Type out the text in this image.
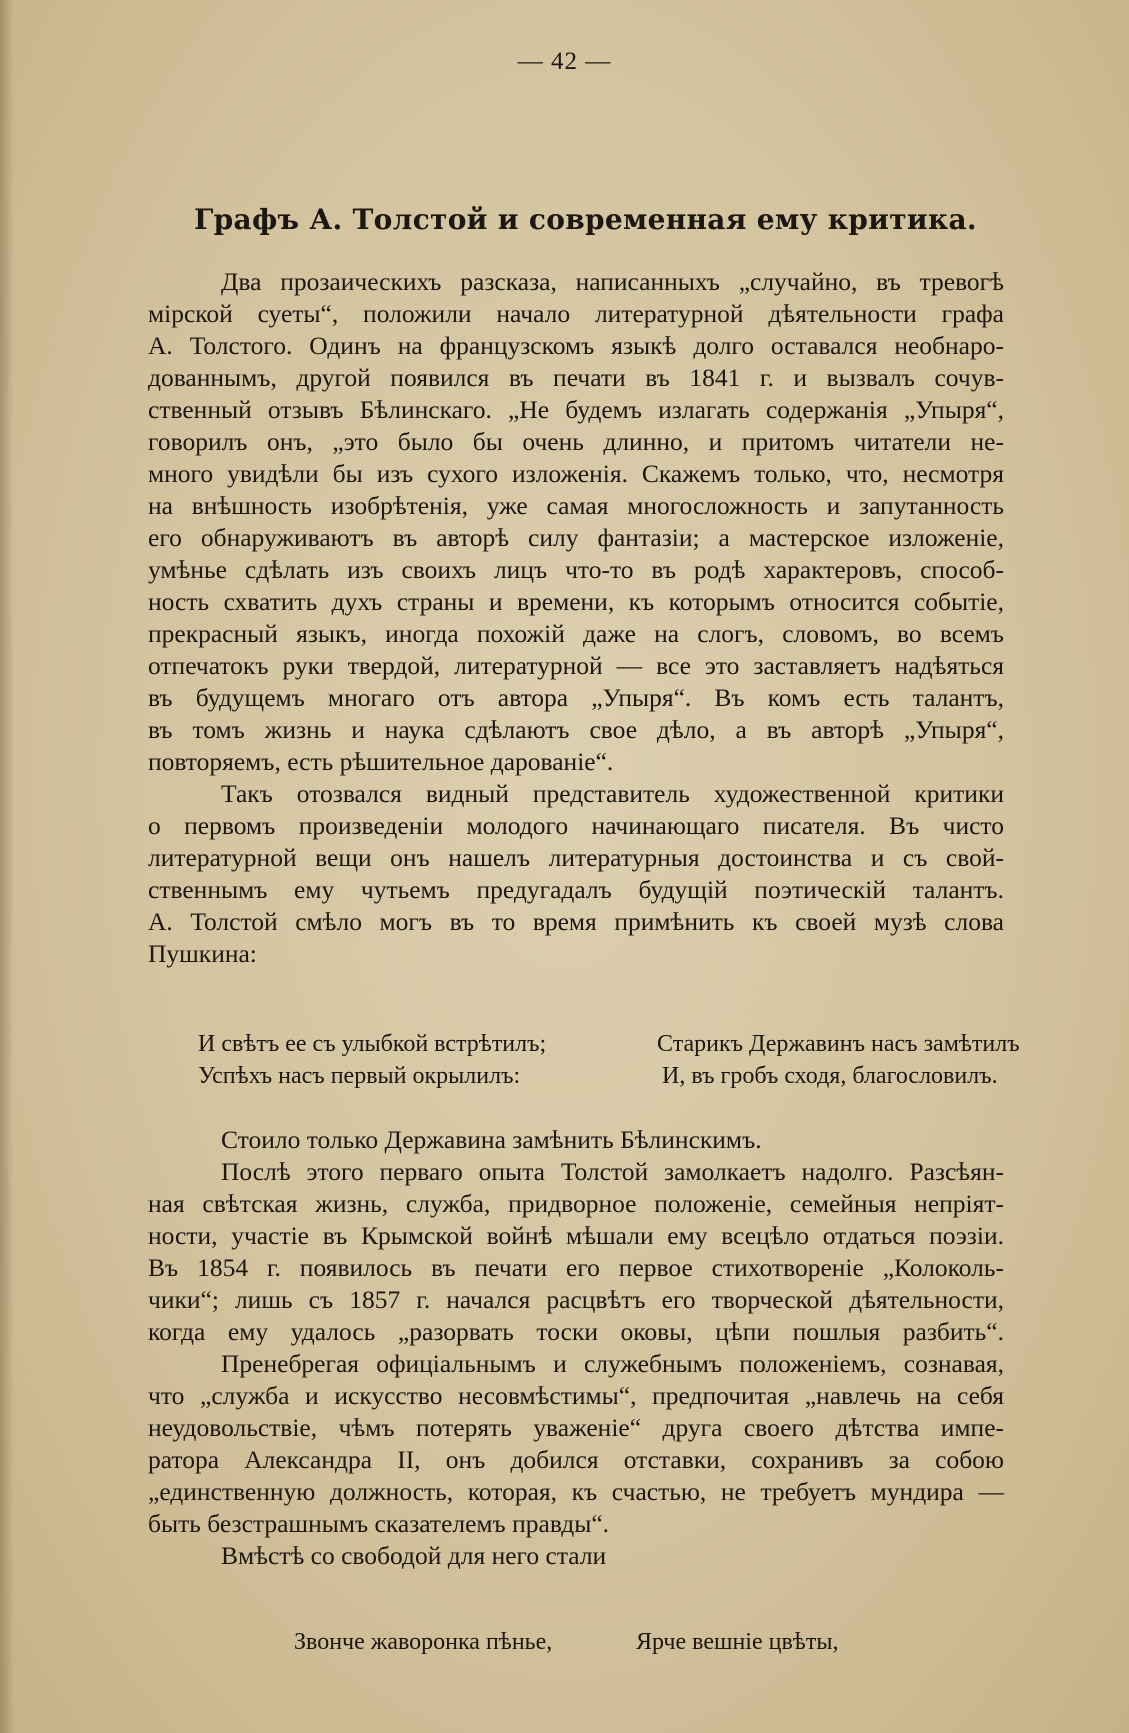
— 42 —
Графъ А. Толстой и современная ему критика.
Два прозаическихъ разсказа, написанныхъ „случайно, въ тревогѣ
мірской суеты“, положили начало литературной дѣятельности графа
А. Толстого. Одинъ на французскомъ языкѣ долго оставался необнаро-
дованнымъ, другой появился въ печати въ 1841 г. и вызвалъ сочув-
ственный отзывъ Бѣлинскаго. „Не будемъ излагать содержанія „Упыря“,
говорилъ онъ, „это было бы очень длинно, и притомъ читатели не-
много увидѣли бы изъ сухого изложенія. Скажемъ только, что, несмотря
на внѣшность изобрѣтенія, уже самая многосложность и запутанность
его обнаруживаютъ въ авторѣ силу фантазіи; а мастерское изложеніе,
умѣнье сдѣлать изъ своихъ лицъ что-то въ родѣ характеровъ, способ-
ность схватить духъ страны и времени, къ которымъ относится событіе,
прекрасный языкъ, иногда похожій даже на слогъ, словомъ, во всемъ
отпечатокъ руки твердой, литературной — все это заставляетъ надѣяться
въ будущемъ многаго отъ автора „Упыря“. Въ комъ есть талантъ,
въ томъ жизнь и наука сдѣлаютъ свое дѣло, а въ авторѣ „Упыря“,
повторяемъ, есть рѣшительное дарованіе“.
Такъ отозвался видный представитель художественной критики
о первомъ произведеніи молодого начинающаго писателя. Въ чисто
литературной вещи онъ нашелъ литературныя достоинства и съ свой-
ственнымъ ему чутьемъ предугадалъ будущій поэтическій талантъ.
А. Толстой смѣло могъ въ то время примѣнить къ своей музѣ слова
Пушкина:
Стоило только Державина замѣнить Бѣлинскимъ.
Послѣ этого перваго опыта Толстой замолкаетъ надолго. Разсѣян-
ная свѣтская жизнь, служба, придворное положеніе, семейныя непріят-
ности, участіе въ Крымской войнѣ мѣшали ему всецѣло отдаться поэзіи.
Въ 1854 г. появилось въ печати его первое стихотвореніе „Колоколь-
чики“; лишь съ 1857 г. начался расцвѣтъ его творческой дѣятельности,
когда ему удалось „разорвать тоски оковы, цѣпи пошлыя разбить“.
Пренебрегая офиціальнымъ и служебнымъ положеніемъ, сознавая,
что „служба и искусство несовмѣстимы“, предпочитая „навлечь на себя
неудовольствіе, чѣмъ потерять уваженіе“ друга своего дѣтства импе-
ратора Александра II, онъ добился отставки, сохранивъ за собою
„единственную должность, которая, къ счастью, не требуетъ мундира —
быть безстрашнымъ сказателемъ правды“.
Вмѣстѣ со свободой для него стали
И свѣтъ ее съ улыбкой встрѣтилъ;	Старикъ Державинъ насъ замѣтилъ
Успѣхъ насъ первый окрылилъ:	И, въ гробъ сходя, благословилъ.
Звонче жаворонка пѣнье,	Ярче вешніе цвѣты,
